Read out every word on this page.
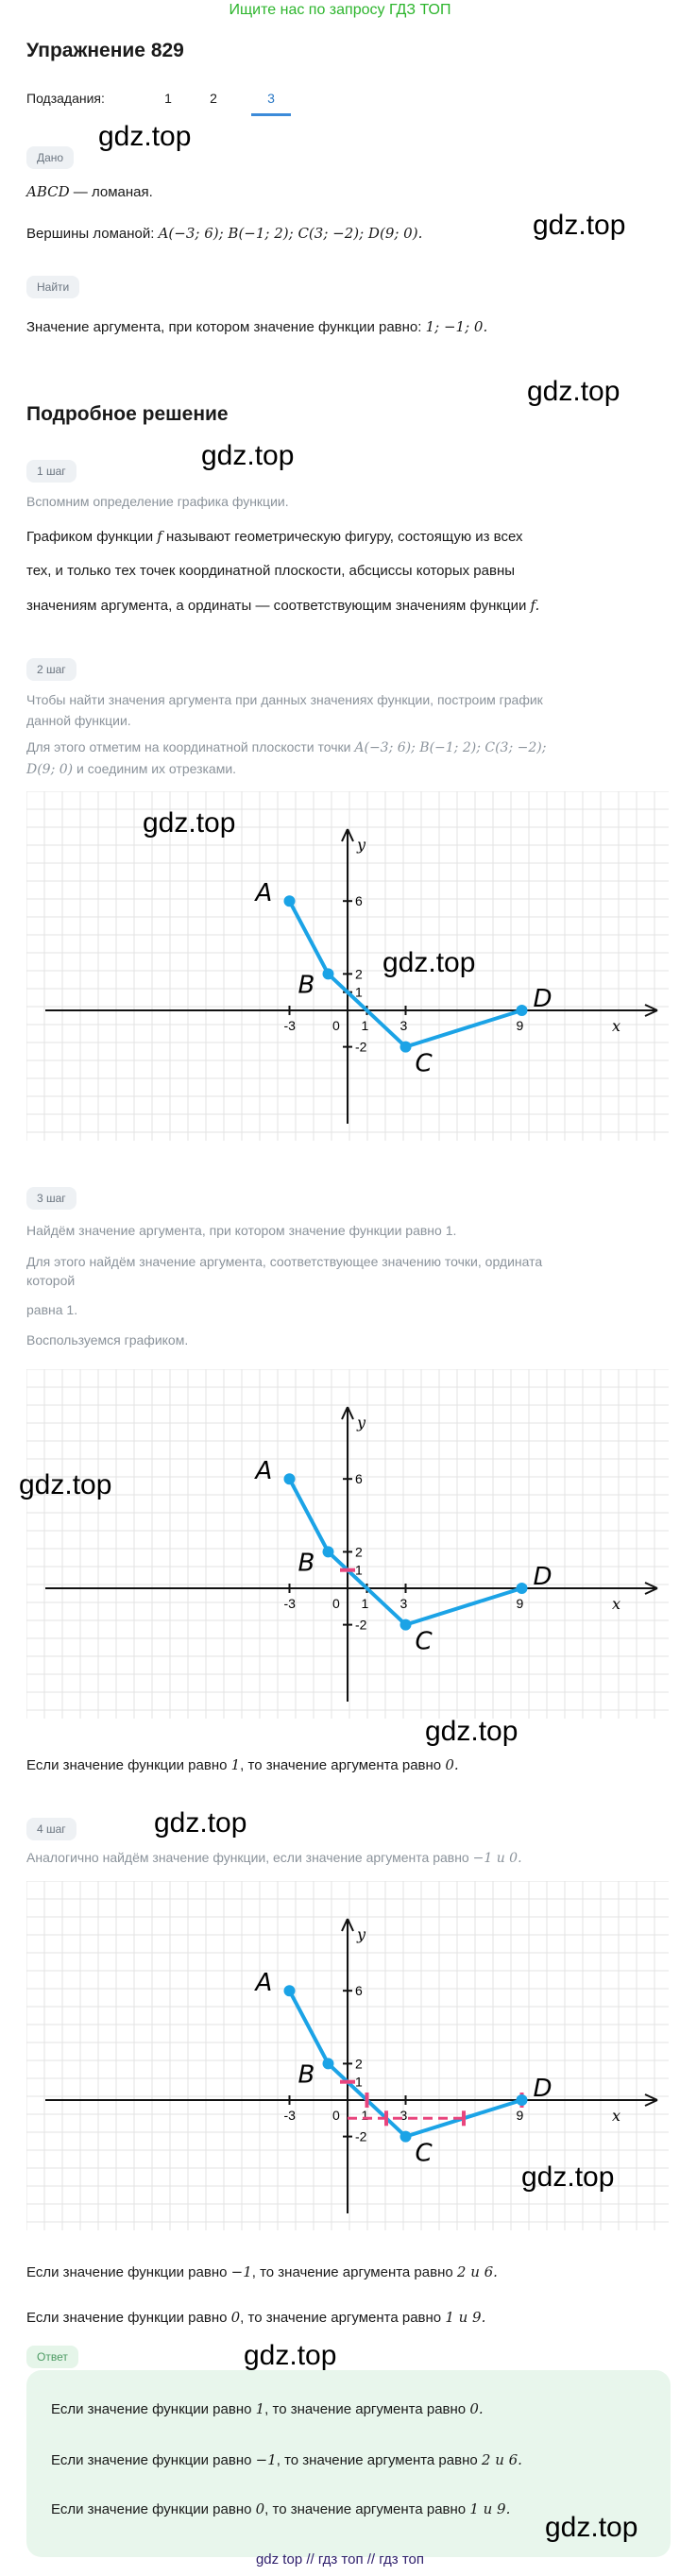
Ищите нас по запросу ГДЗ ТОП
Упражнение 829
Подзадания:	1	2	3
Дано
ABCD — ломаная.
Вершины ломаной: A(−3; 6); B(−1; 2); C(3; −2); D(9; 0).
Найти
Значение аргумента, при котором значение функции равно: 1; −1; 0.
Подробное решение
1 шаг
Вспомним определение графика функции.
Графиком функции f называют геометрическую фигуру, состоящую из всех
тех, и только тех точек координатной плоскости, абсциссы которых равны
значениям аргумента, а ординаты — соответствующим значениям функции f.
2 шаг
Чтобы найти значения аргумента при данных значениях функции, построим график
данной функции.
Для этого отметим на координатной плоскости точки A(−3; 6); B(−1; 2); C(3; −2);
D(9; 0) и соединим их отрезками.
x
y
-3	0 1 3	9
6
2
1
-2
A
B
C
D
3 шаг
Найдём значение аргумента, при котором значение функции равно 1.
Для этого найдём значение аргумента, соответствующее значению точки, ордината
которой
равна 1.
Воспользуемся графиком.
x
y
-3	0 1 3	9
6
2
1
-2
A
B
C
D
Если значение функции равно 1, то значение аргумента равно 0.
4 шаг
Аналогично найдём значение функции, если значение аргумента равно −1 и 0.
x
y
-3	0 1 3	9
6
2
1
-2
A
B
C
D
Если значение функции равно −1, то значение аргумента равно 2 и 6.
Если значение функции равно 0, то значение аргумента равно 1 и 9.
Ответ
Если значение функции равно 1, то значение аргумента равно 0.
Если значение функции равно −1, то значение аргумента равно 2 и 6.
Если значение функции равно 0, то значение аргумента равно 1 и 9.
gdz top // гдз топ // гдз топ
gdz.top
gdz.top
gdz.top
gdz.top
gdz.top
gdz.top
gdz.top
gdz.top
gdz.top
gdz.top
gdz.top
gdz.top
